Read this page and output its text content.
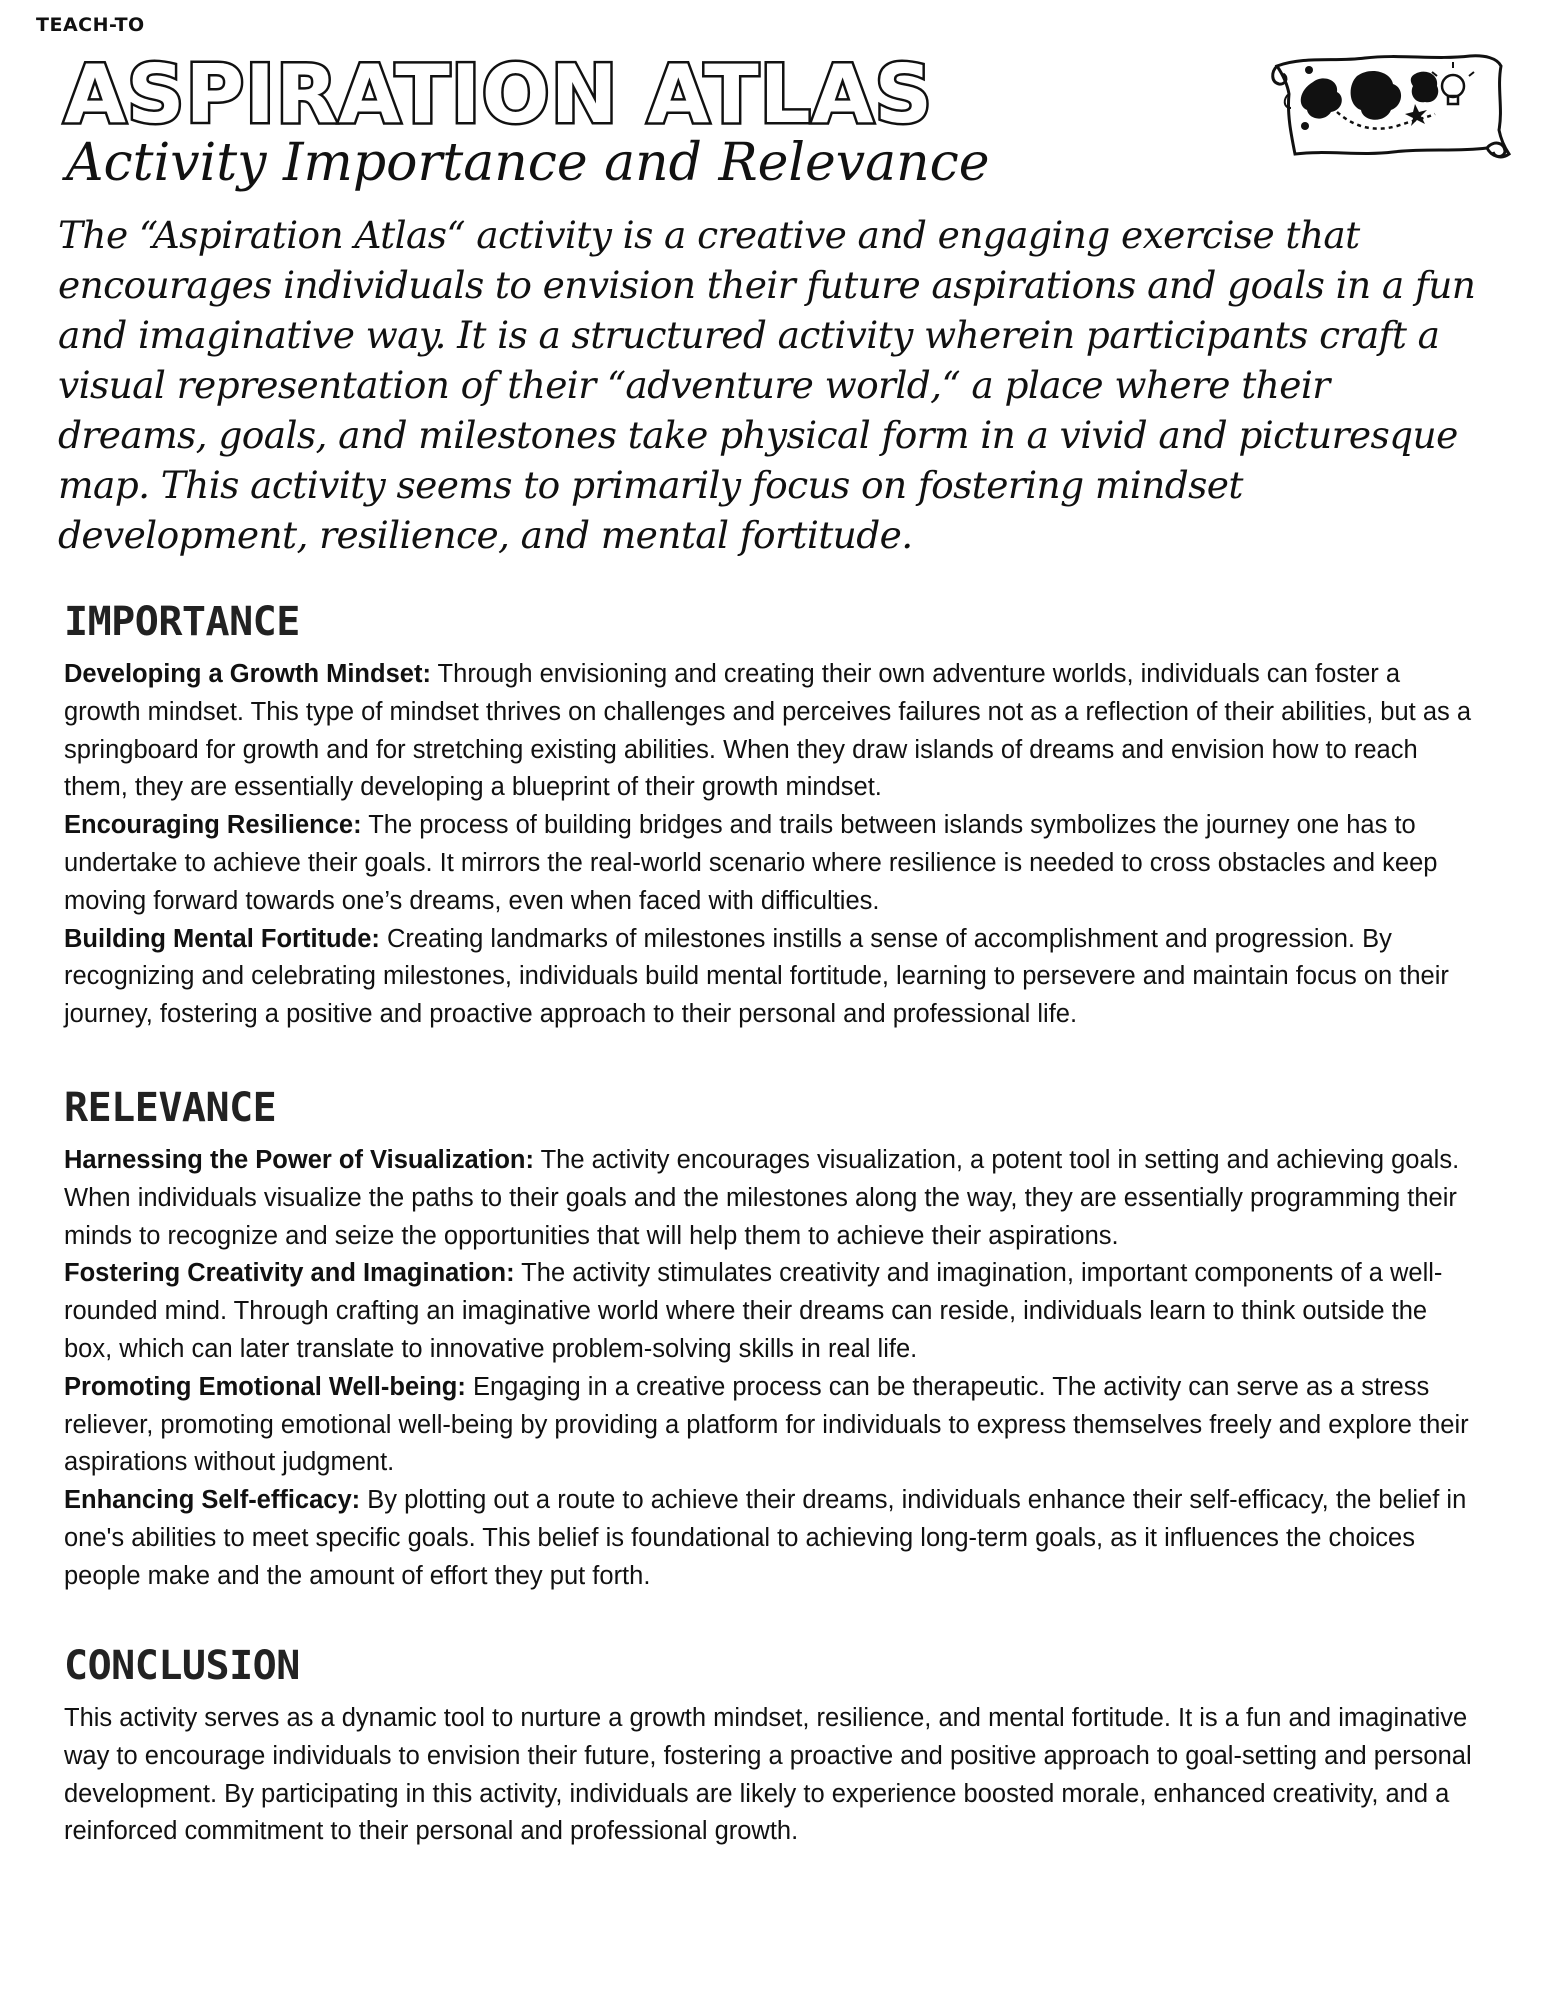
TEACH-TO
ASPIRATION ATLAS
Activity Importance and Relevance

The “Aspiration Atlas“ activity is a creative and engaging exercise that encourages individuals to envision their future aspirations and goals in a fun and imaginative way. It is a structured activity wherein participants craft a visual representation of their “adventure world,“ a place where their dreams, goals, and milestones take physical form in a vivid and picturesque map. This activity seems to primarily focus on fostering mindset development, resilience, and mental fortitude.

IMPORTANCE

Developing a Growth Mindset: Through envisioning and creating their own adventure worlds, individuals can foster a growth mindset. This type of mindset thrives on challenges and perceives failures not as a reflection of their abilities, but as a springboard for growth and for stretching existing abilities. When they draw islands of dreams and envision how to reach them, they are essentially developing a blueprint of their growth mindset.

Encouraging Resilience: The process of building bridges and trails between islands symbolizes the journey one has to undertake to achieve their goals. It mirrors the real-world scenario where resilience is needed to cross obstacles and keep moving forward towards one’s dreams, even when faced with difficulties.

Building Mental Fortitude: Creating landmarks of milestones instills a sense of accomplishment and progression. By recognizing and celebrating milestones, individuals build mental fortitude, learning to persevere and maintain focus on their journey, fostering a positive and proactive approach to their personal and professional life.

RELEVANCE

Harnessing the Power of Visualization: The activity encourages visualization, a potent tool in setting and achieving goals. When individuals visualize the paths to their goals and the milestones along the way, they are essentially programming their minds to recognize and seize the opportunities that will help them to achieve their aspirations.

Fostering Creativity and Imagination: The activity stimulates creativity and imagination, important components of a well-rounded mind. Through crafting an imaginative world where their dreams can reside, individuals learn to think outside the box, which can later translate to innovative problem-solving skills in real life.

Promoting Emotional Well-being: Engaging in a creative process can be therapeutic. The activity can serve as a stress reliever, promoting emotional well-being by providing a platform for individuals to express themselves freely and explore their aspirations without judgment.

Enhancing Self-efficacy: By plotting out a route to achieve their dreams, individuals enhance their self-efficacy, the belief in one's abilities to meet specific goals. This belief is foundational to achieving long-term goals, as it influences the choices people make and the amount of effort they put forth.

CONCLUSION

This activity serves as a dynamic tool to nurture a growth mindset, resilience, and mental fortitude. It is a fun and imaginative way to encourage individuals to envision their future, fostering a proactive and positive approach to goal-setting and personal development. By participating in this activity, individuals are likely to experience boosted morale, enhanced creativity, and a reinforced commitment to their personal and professional growth.
